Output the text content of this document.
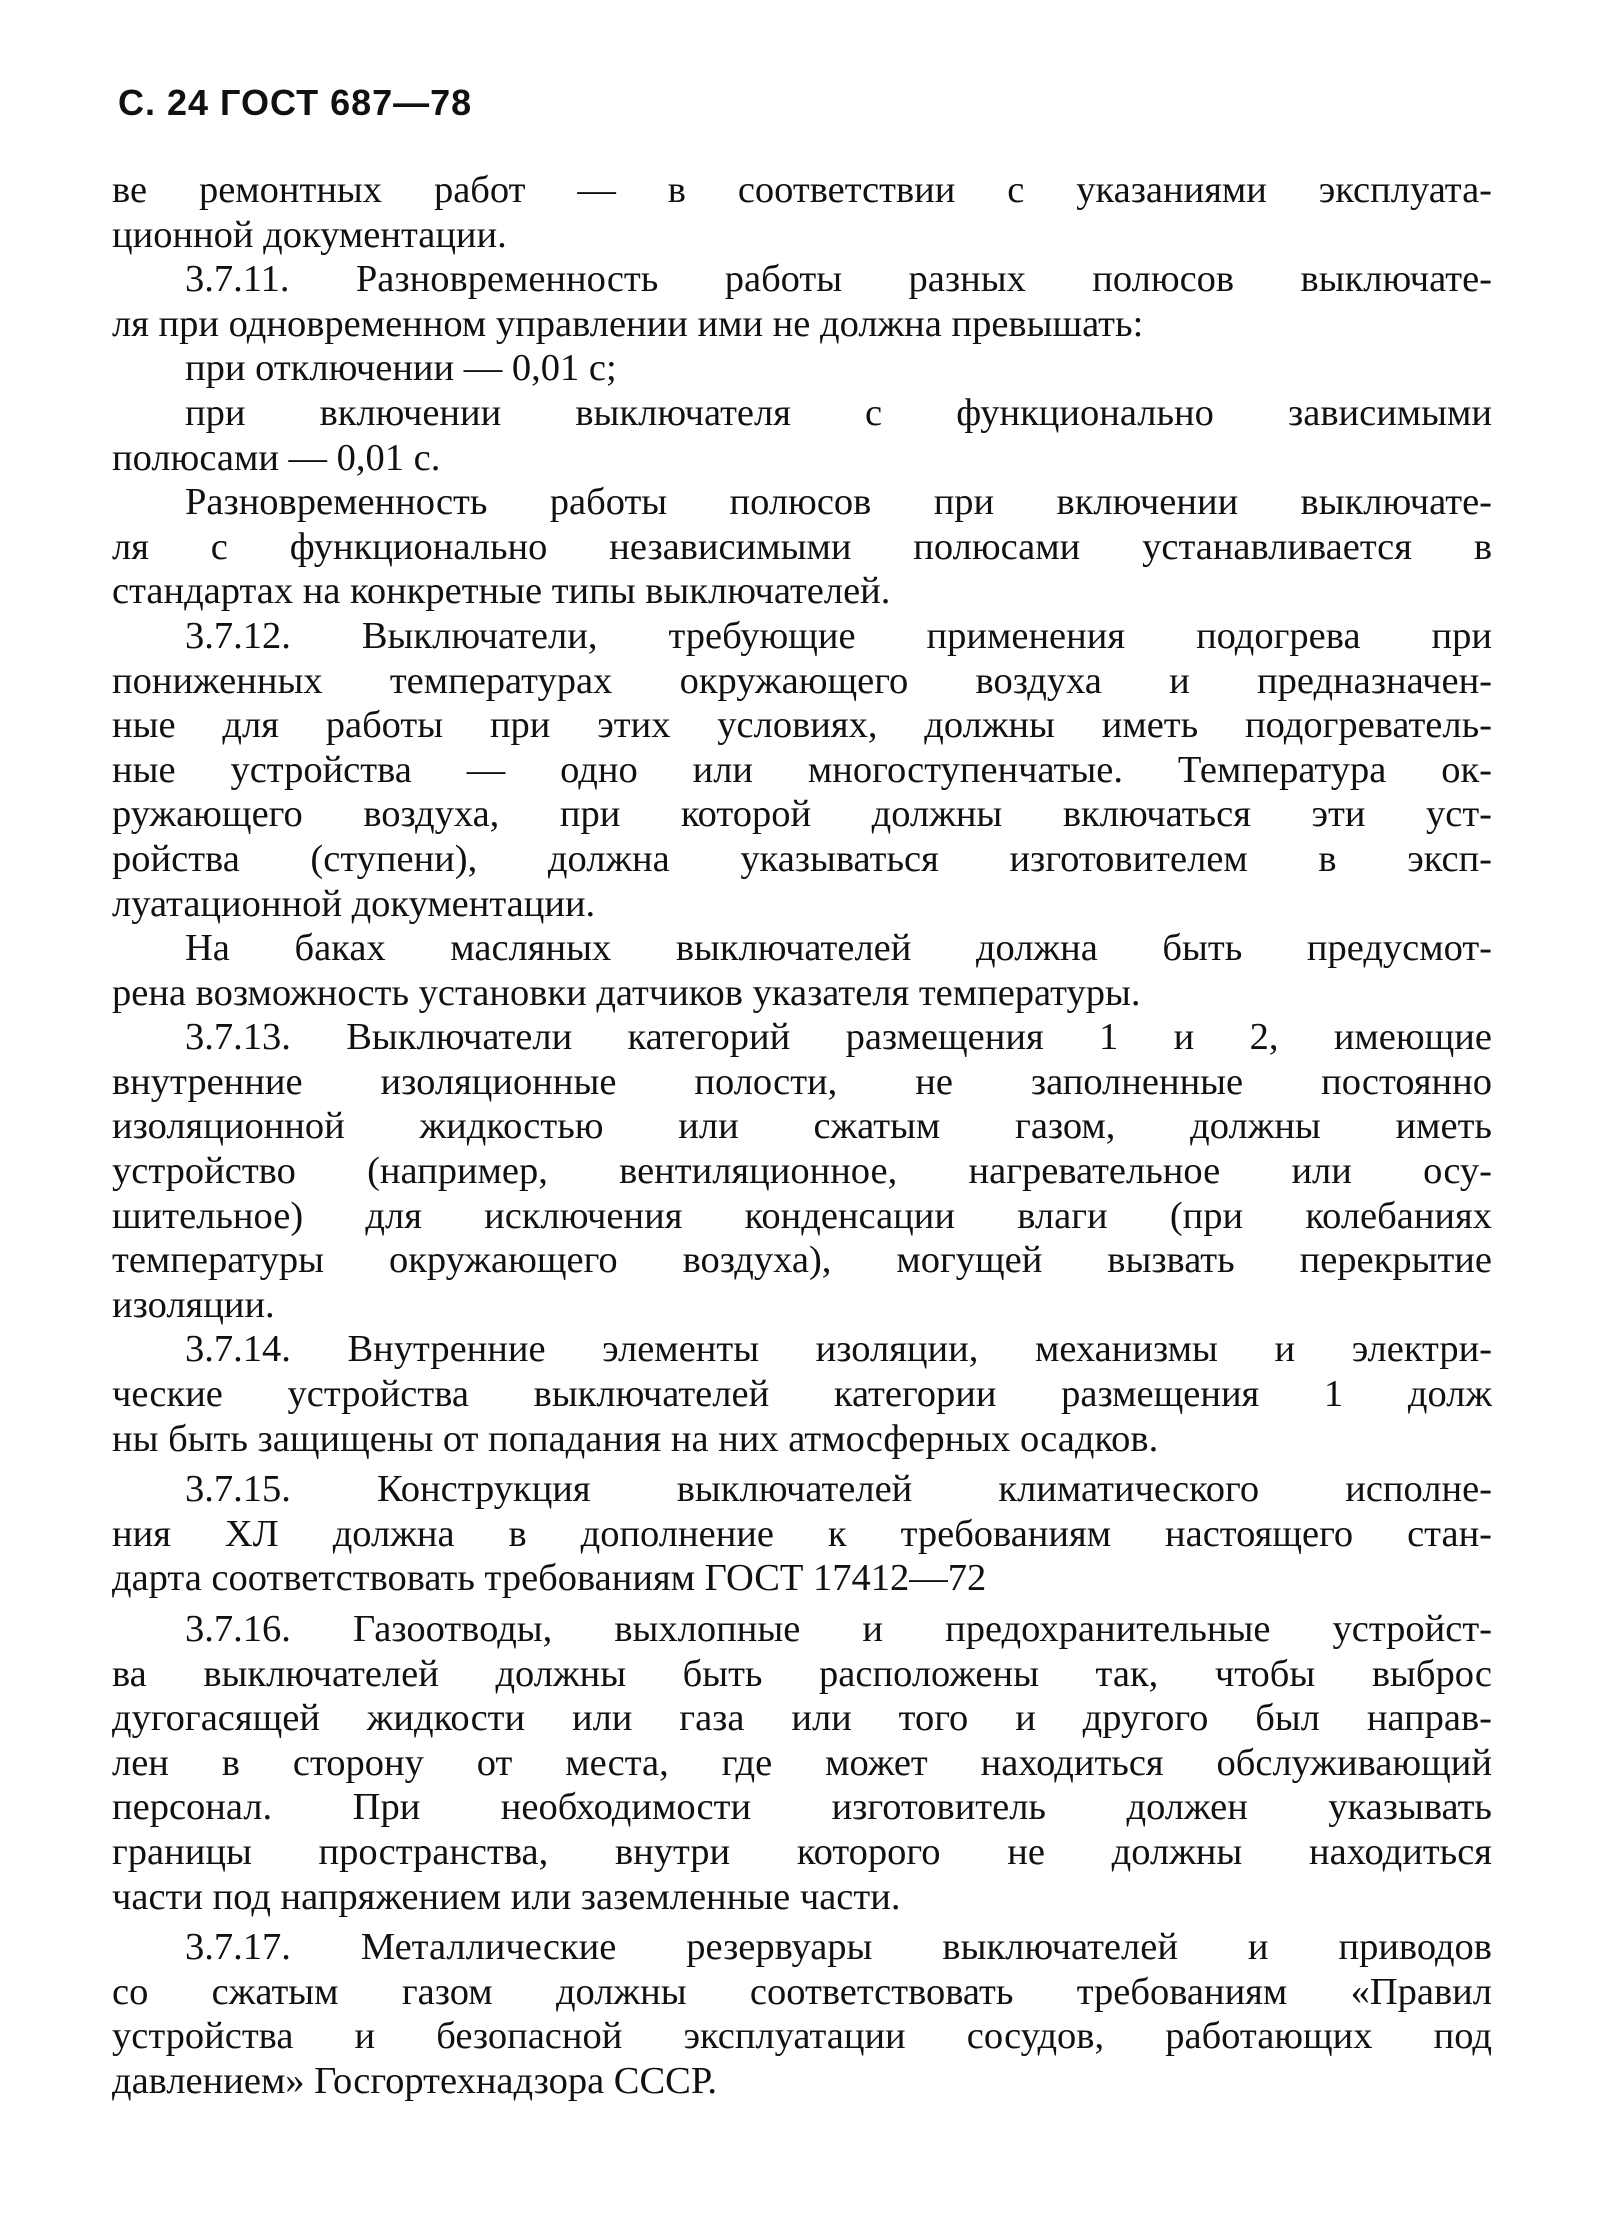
С. 24 ГОСТ 687—78
ве ремонтных работ — в соответствии с указаниями эксплуата-
ционной документации.
3.7.11. Разновременность работы разных полюсов выключате-
ля при одновременном управлении ими не должна превышать:
при отключении — 0,01 с;
при включении выключателя с функционально зависимыми
полюсами — 0,01 с.
Разновременность работы полюсов при включении выключате-
ля с функционально независимыми полюсами устанавливается в
стандартах на конкретные типы выключателей.
3.7.12. Выключатели, требующие применения подогрева при
пониженных температурах окружающего воздуха и предназначен-
ные для работы при этих условиях, должны иметь подогреватель-
ные устройства — одно или многоступенчатые. Температура ок-
ружающего воздуха, при которой должны включаться эти уст-
ройства (ступени), должна указываться изготовителем в эксп-
луатационной документации.
На баках масляных выключателей должна быть предусмот-
рена возможность установки датчиков указателя температуры.
3.7.13. Выключатели категорий размещения 1 и 2, имеющие
внутренние изоляционные полости, не заполненные постоянно
изоляционной жидкостью или сжатым газом, должны иметь
устройство (например, вентиляционное, нагревательное или осу-
шительное) для исключения конденсации влаги (при колебаниях
температуры окружающего воздуха), могущей вызвать перекрытие
изоляции.
3.7.14. Внутренние элементы изоляции, механизмы и электри-
ческие устройства выключателей категории размещения 1 долж
ны быть защищены от попадания на них атмосферных осадков.
3.7.15. Конструкция выключателей климатического исполне-
ния ХЛ должна в дополнение к требованиям настоящего стан-
дарта соответствовать требованиям ГОСТ 17412—72
3.7.16. Газоотводы, выхлопные и предохранительные устройст-
ва выключателей должны быть расположены так, чтобы выброс
дугогасящей жидкости или газа или того и другого был направ-
лен в сторону от места, где может находиться обслуживающий
персонал. При необходимости изготовитель должен указывать
границы пространства, внутри которого не должны находиться
части под напряжением или заземленные части.
3.7.17. Металлические резервуары выключателей и приводов
со сжатым газом должны соответствовать требованиям «Правил
устройства и безопасной эксплуатации сосудов, работающих под
давлением» Госгортехнадзора СССР.
